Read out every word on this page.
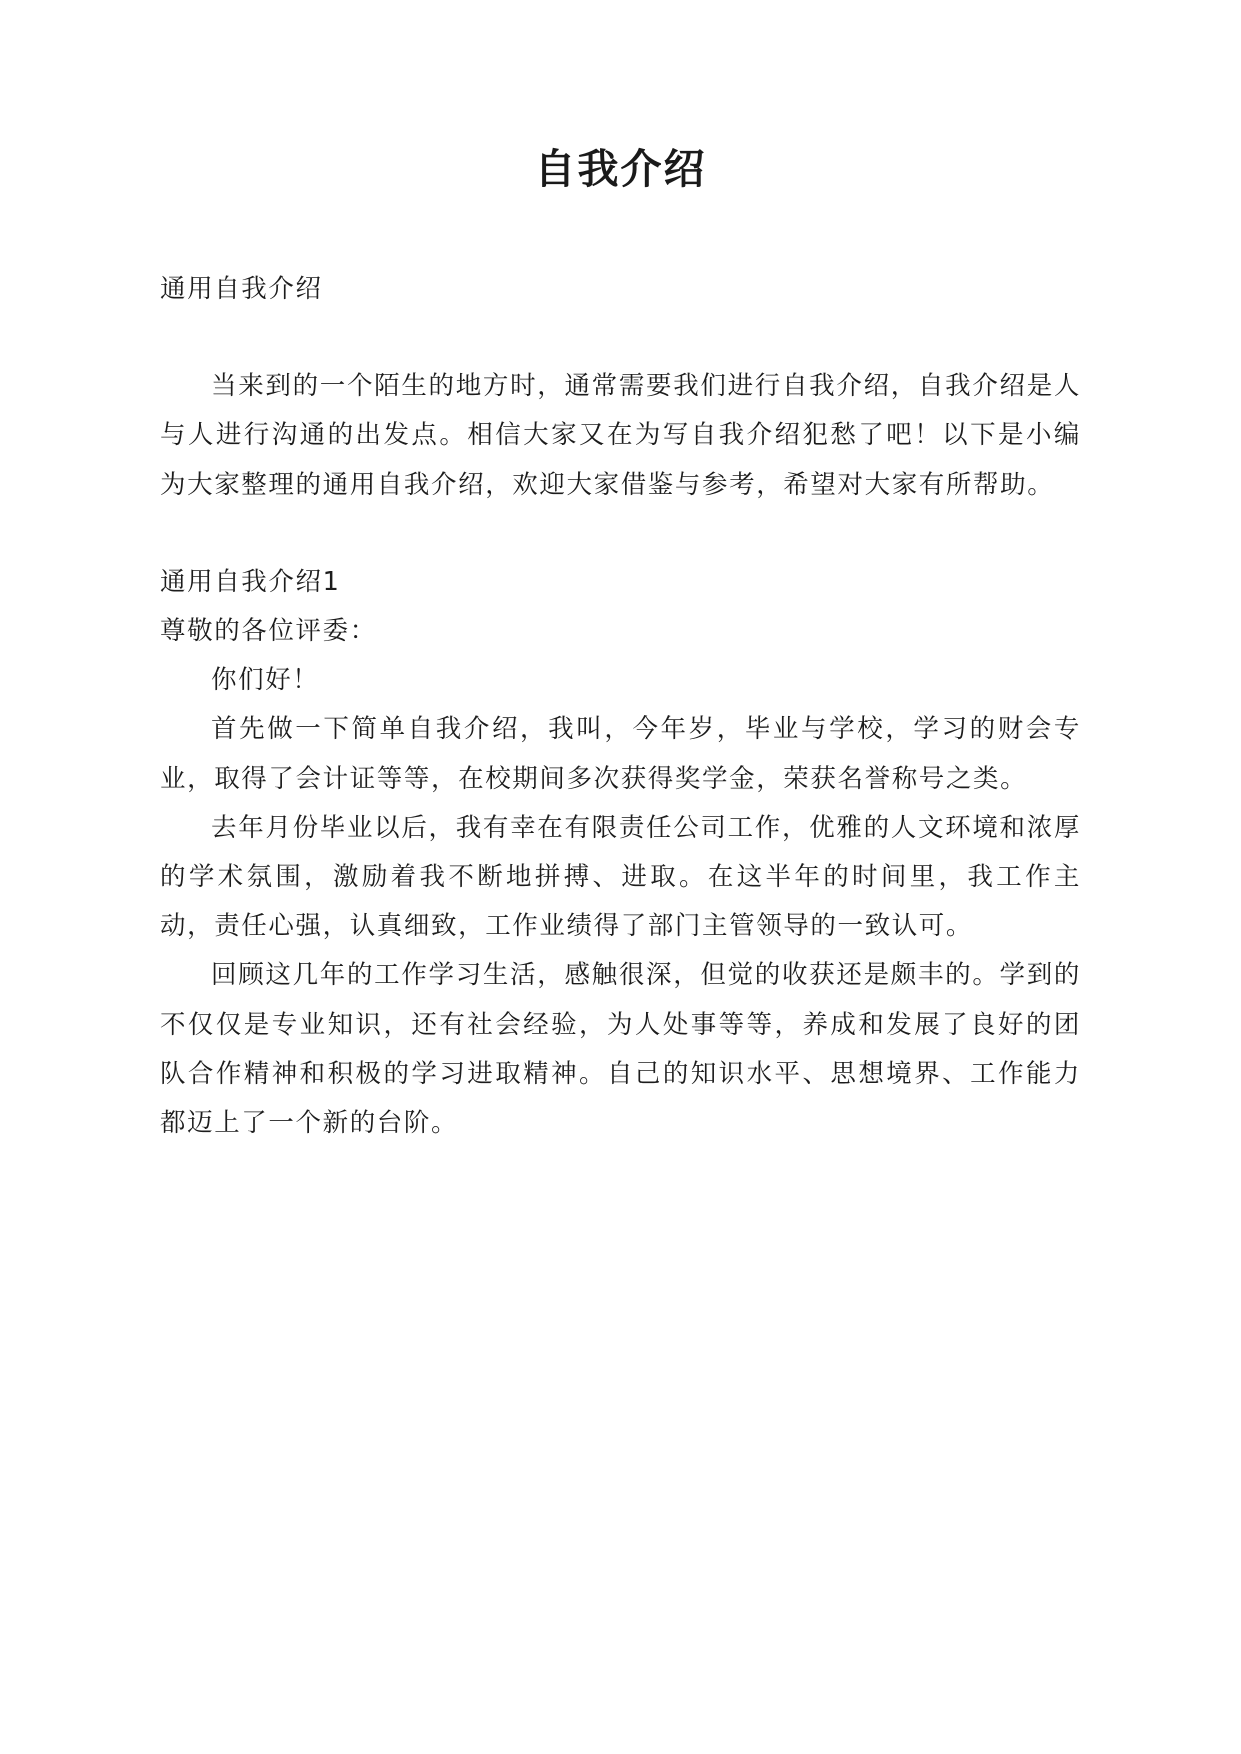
自我介绍

通用自我介绍

当来到的一个陌生的地方时，通常需要我们进行自我介绍，自我介绍是人与人进行沟通的出发点。相信大家又在为写自我介绍犯愁了吧！以下是小编为大家整理的通用自我介绍，欢迎大家借鉴与参考，希望对大家有所帮助。

通用自我介绍1

尊敬的各位评委：

你们好！

首先做一下简单自我介绍，我叫，今年岁，毕业与学校，学习的财会专业，取得了会计证等等，在校期间多次获得奖学金，荣获名誉称号之类。

去年月份毕业以后，我有幸在有限责任公司工作，优雅的人文环境和浓厚的学术氛围，激励着我不断地拼搏、进取。在这半年的时间里，我工作主动，责任心强，认真细致，工作业绩得了部门主管领导的一致认可。

回顾这几年的工作学习生活，感触很深，但觉的收获还是颇丰的。学到的不仅仅是专业知识，还有社会经验，为人处事等等，养成和发展了良好的团队合作精神和积极的学习进取精神。自己的知识水平、思想境界、工作能力都迈上了一个新的台阶。
